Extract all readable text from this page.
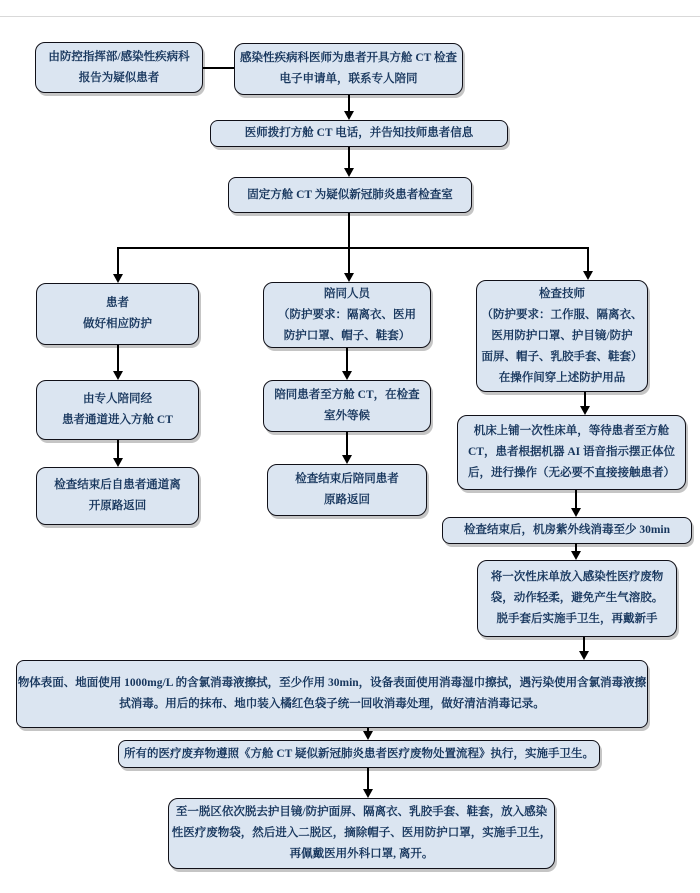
由防控指挥部/感染性疾病科
报告为疑似患者
感染性疾病科医师为患者开具方舱 CT 检查
电子申请单，联系专人陪同
医师拨打方舱 CT 电话，并告知技师患者信息
固定方舱 CT 为疑似新冠肺炎患者检查室
患者
做好相应防护
由专人陪同经
患者通道进入方舱 CT
检查结束后自患者通道离
开原路返回
陪同人员
（防护要求：隔离衣、医用
防护口罩、帽子、鞋套）
陪同患者至方舱 CT，在检查
室外等候
检查结束后陪同患者
原路返回
检查技师
（防护要求：工作服、隔离衣、
医用防护口罩、护目镜/防护
面屏、帽子、乳胶手套、鞋套）
在操作间穿上述防护用品
机床上铺一次性床单，等待患者至方舱
CT，患者根据机器 AI 语音指示摆正体位
后，进行操作（无必要不直接接触患者）
检查结束后，机房紫外线消毒至少 30min
将一次性床单放入感染性医疗废物
袋，动作轻柔，避免产生气溶胶。
脱手套后实施手卫生，再戴新手
物体表面、地面使用 1000mg/L 的含氯消毒液擦拭，至少作用 30min，设备表面使用消毒湿巾擦拭，遇污染使用含氯消毒液擦
拭消毒。用后的抹布、地巾装入橘红色袋子统一回收消毒处理，做好清洁消毒记录。
所有的医疗废弃物遵照《方舱 CT 疑似新冠肺炎患者医疗废物处置流程》执行，实施手卫生。
至一脱区依次脱去护目镜/防护面屏、隔离衣、乳胶手套、鞋套，放入感染
性医疗废物袋，然后进入二脱区，摘除帽子、医用防护口罩，实施手卫生，
再佩戴医用外科口罩, 离开。
